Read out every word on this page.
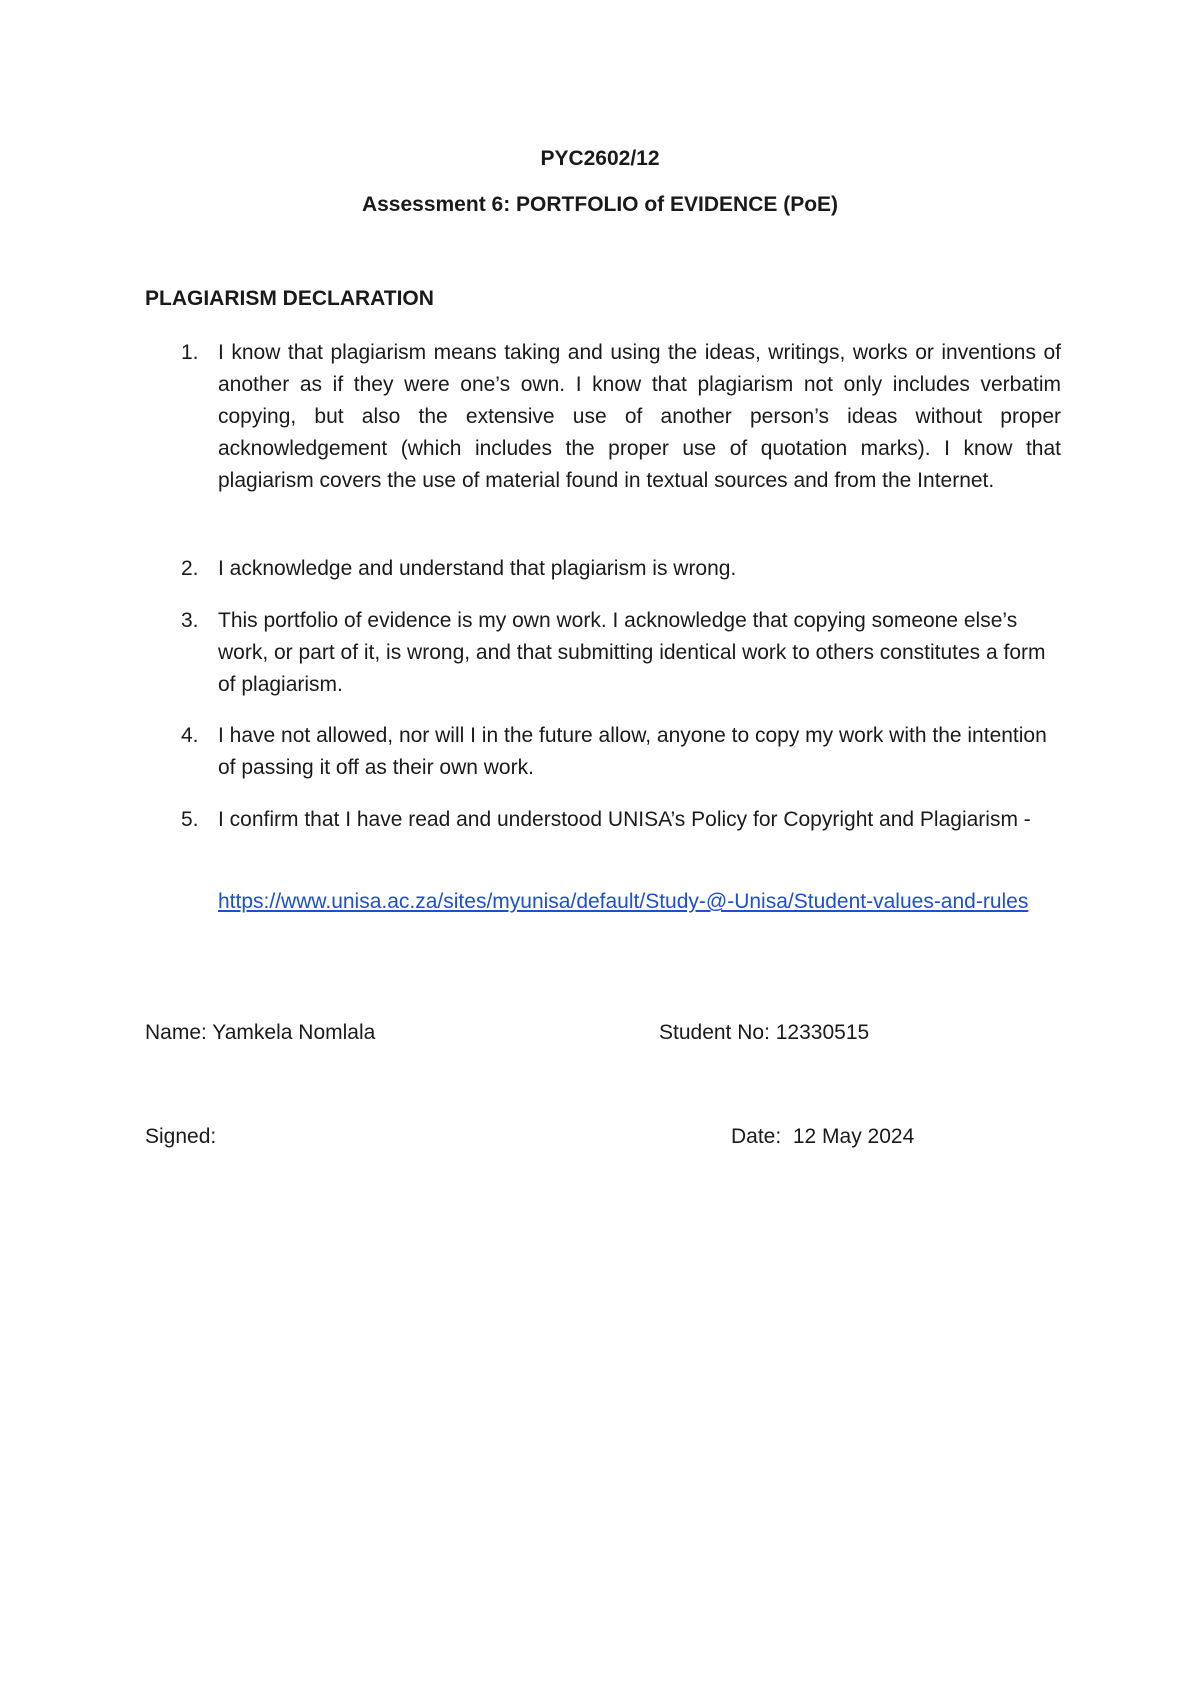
PYC2602/12
Assessment 6: PORTFOLIO of EVIDENCE (PoE)
PLAGIARISM DECLARATION
1. I know that plagiarism means taking and using the ideas, writings, works or inventions of another as if they were one’s own. I know that plagiarism not only includes verbatim copying, but also the extensive use of another person’s ideas without proper acknowledgement (which includes the proper use of quotation marks). I know that plagiarism covers the use of material found in textual sources and from the Internet.
2. I acknowledge and understand that plagiarism is wrong.
3. This portfolio of evidence is my own work. I acknowledge that copying someone else’s work, or part of it, is wrong, and that submitting identical work to others constitutes a form of plagiarism.
4. I have not allowed, nor will I in the future allow, anyone to copy my work with the intention of passing it off as their own work.
5. I confirm that I have read and understood UNISA’s Policy for Copyright and Plagiarism -
https://www.unisa.ac.za/sites/myunisa/default/Study-@-Unisa/Student-values-and-rules
Name: Yamkela Nomlala	Student No: 12330515
Signed:	Date:  12 May 2024
